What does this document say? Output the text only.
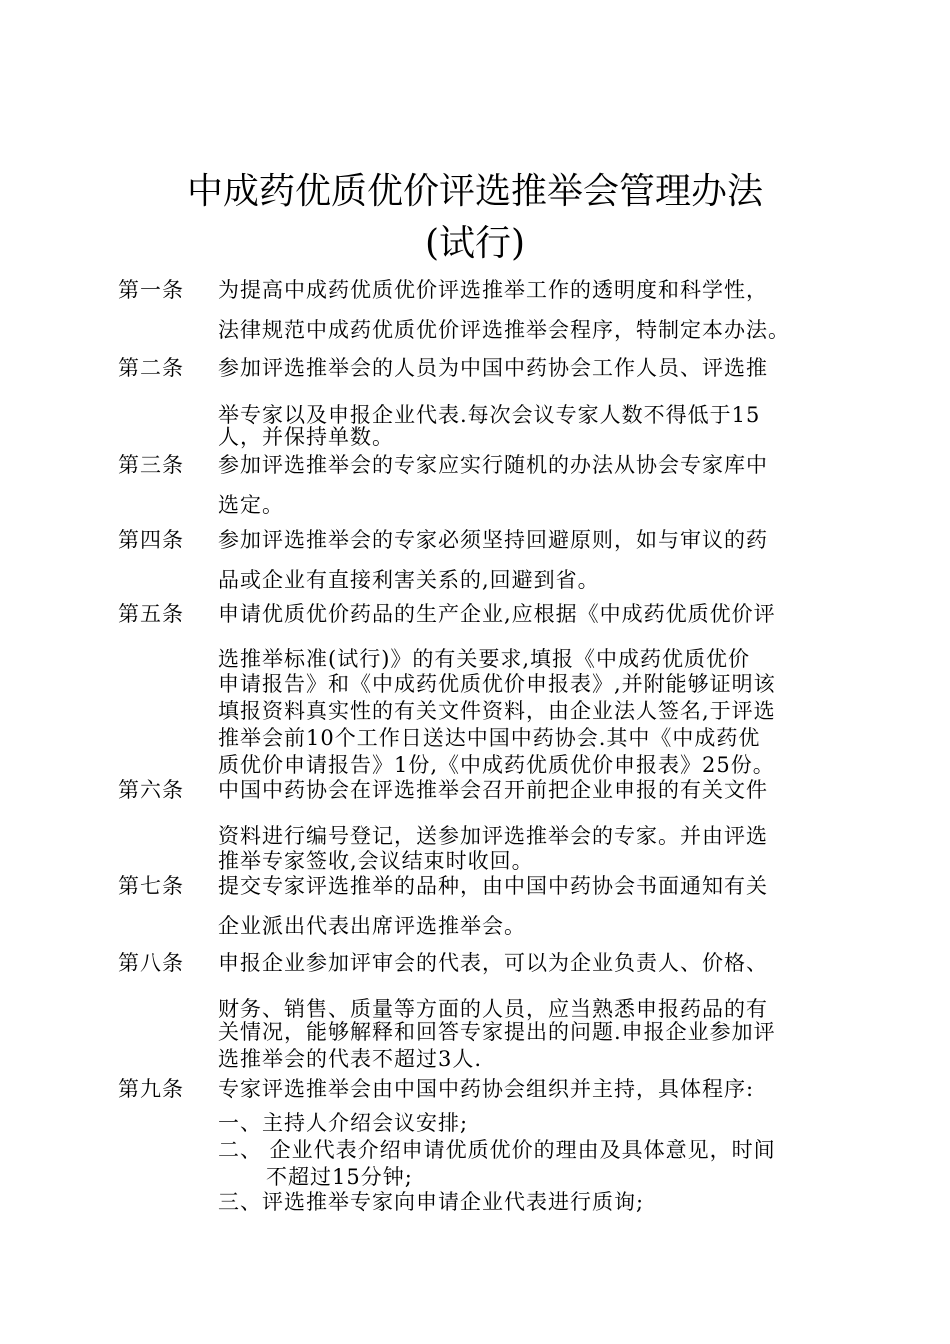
中成药优质优价评选推举会管理办法
(试行)
第一条	为提高中成药优质优价评选推举工作的透明度和科学性，
法律规范中成药优质优价评选推举会程序，特制定本办法。
第二条	参加评选推举会的人员为中国中药协会工作人员、评选推
举专家以及申报企业代表.每次会议专家人数不得低于15
人，并保持单数。
第三条	参加评选推举会的专家应实行随机的办法从协会专家库中
选定。
第四条	参加评选推举会的专家必须坚持回避原则，如与审议的药
品或企业有直接利害关系的,回避到省。
第五条	申请优质优价药品的生产企业,应根据《中成药优质优价评
选推举标准(试行)》的有关要求,填报《中成药优质优价
申请报告》和《中成药优质优价申报表》,并附能够证明该
填报资料真实性的有关文件资料，由企业法人签名,于评选
推举会前10个工作日送达中国中药协会.其中《中成药优
质优价申请报告》1份,《中成药优质优价申报表》25份。
第六条	中国中药协会在评选推举会召开前把企业申报的有关文件
资料进行编号登记，送参加评选推举会的专家。并由评选
推举专家签收,会议结束时收回。
第七条	提交专家评选推举的品种，由中国中药协会书面通知有关
企业派出代表出席评选推举会。
第八条	申报企业参加评审会的代表，可以为企业负责人、价格、
财务、销售、质量等方面的人员，应当熟悉申报药品的有
关情况，能够解释和回答专家提出的问题.申报企业参加评
选推举会的代表不超过3人.
第九条	专家评选推举会由中国中药协会组织并主持，具体程序:
一、主持人介绍会议安排;
二、 企业代表介绍申请优质优价的理由及具体意见，时间
不超过15分钟;
三、评选推举专家向申请企业代表进行质询;
